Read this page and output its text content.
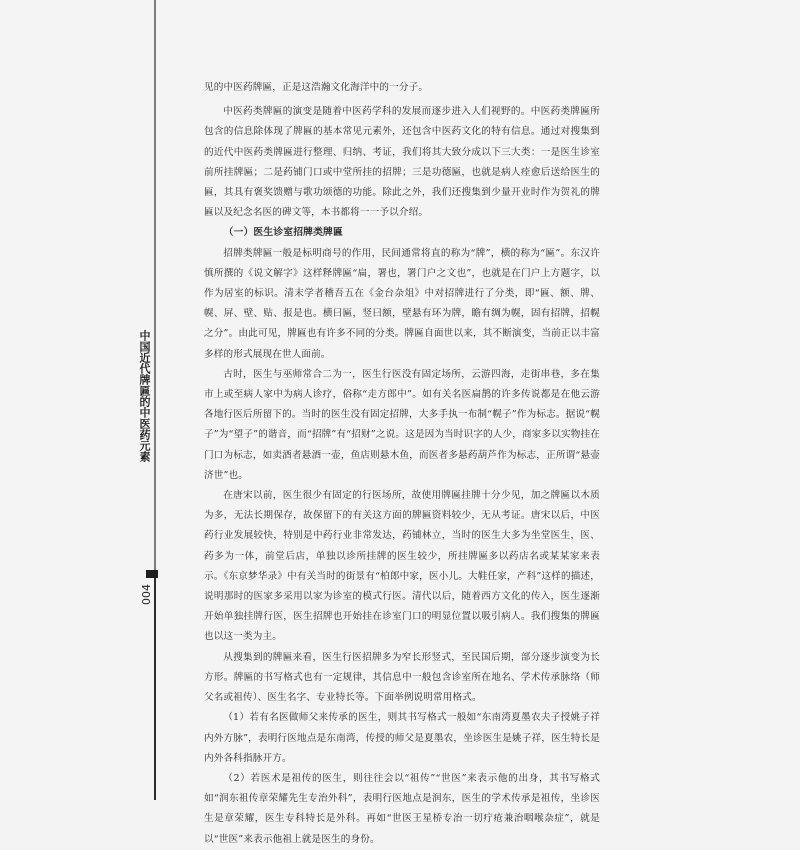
中国近代牌匾的中医药元素
004

见的中医药牌匾，正是这浩瀚文化海洋中的一分子。

中医药类牌匾的演变是随着中医药学科的发展而逐步进入人们视野的。中医药类牌匾所包含的信息除体现了牌匾的基本常见元素外，还包含中医药文化的特有信息。通过对搜集到的近代中医药类牌匾进行整理、归纳、考证，我们将其大致分成以下三大类：一是医生诊室前所挂牌匾；二是药铺门口或中堂所挂的招牌；三是功德匾，也就是病人痊愈后送给医生的匾，其具有褒奖馈赠与歌功颂德的功能。除此之外，我们还搜集到少量开业时作为贺礼的牌匾以及纪念名医的碑文等，本书都将一一予以介绍。

（一）医生诊室招牌类牌匾

招牌类牌匾一般是标明商号的作用，民间通常将直的称为“牌”，横的称为“匾”。东汉许慎所撰的《说文解字》这样释牌匾“扁，署也，署门户之文也”，也就是在门户上方题字，以作为居室的标识。清末学者稽吾五在《金台杂俎》中对招牌进行了分类，即“匾、额、牌、幌、屏、壁、贴、报是也。横曰匾，竖曰额，壁悬有环为牌，瞻有绸为幌，固有招牌，招幌之分”。由此可见，牌匾也有许多不同的分类。牌匾自面世以来，其不断演变，当前正以丰富多样的形式展现在世人面前。

古时，医生与巫师常合二为一，医生行医没有固定场所，云游四海，走街串巷，多在集市上或至病人家中为病人诊疗，俗称“走方郎中”。如有关名医扁鹊的许多传说都是在他云游各地行医后所留下的。当时的医生没有固定招牌，大多手执一布制“幌子”作为标志。据说“幌子”为“望子”的谐音，而“招牌”有“招财”之说。这是因为当时识字的人少，商家多以实物挂在门口为标志，如卖酒者悬酒一壶，鱼店则悬木鱼，而医者多悬药葫芦作为标志，正所谓“悬壶济世”也。

在唐宋以前，医生很少有固定的行医场所，故使用牌匾挂牌十分少见，加之牌匾以木质为多，无法长期保存，故保留下的有关这方面的牌匾资料较少，无从考证。唐宋以后，中医药行业发展较快，特别是中药行业非常发达，药铺林立，当时的医生大多为坐堂医生，医、药多为一体，前堂后店，单独以诊所挂牌的医生较少，所挂牌匾多以药店名或某某家来表示。《东京梦华录》中有关当时的街景有“柏郎中家，医小儿。大鞋任家，产科”这样的描述，说明那时的医家多采用以家为诊室的模式行医。清代以后，随着西方文化的传入，医生逐渐开始单独挂牌行医，医生招牌也开始挂在诊室门口的明显位置以吸引病人。我们搜集的牌匾也以这一类为主。

从搜集到的牌匾来看，医生行医招牌多为窄长形竖式，至民国后期，部分逐步演变为长方形。牌匾的书写格式也有一定规律，其信息中一般包含诊室所在地名、学术传承脉络（师父名或祖传）、医生名字、专业特长等。下面举例说明常用格式。

（1）若有名医做师父来传承的医生，则其书写格式一般如“东南湾夏墨农夫子授姚子祥内外方脉”，表明行医地点是东南湾，传授的师父是夏墨农，坐诊医生是姚子祥，医生特长是内外各科指脉开方。

（2）若医术是祖传的医生，则往往会以“祖传”“世医”来表示他的出身，其书写格式如“润东祖传章荣耀先生专治外科”，表明行医地点是润东，医生的学术传承是祖传，坐诊医生是章荣耀，医生专科特长是外科。再如“世医王星桥专治一切疔疮兼治咽喉杂症”，就是以“世医”来表示他祖上就是医生的身份。
